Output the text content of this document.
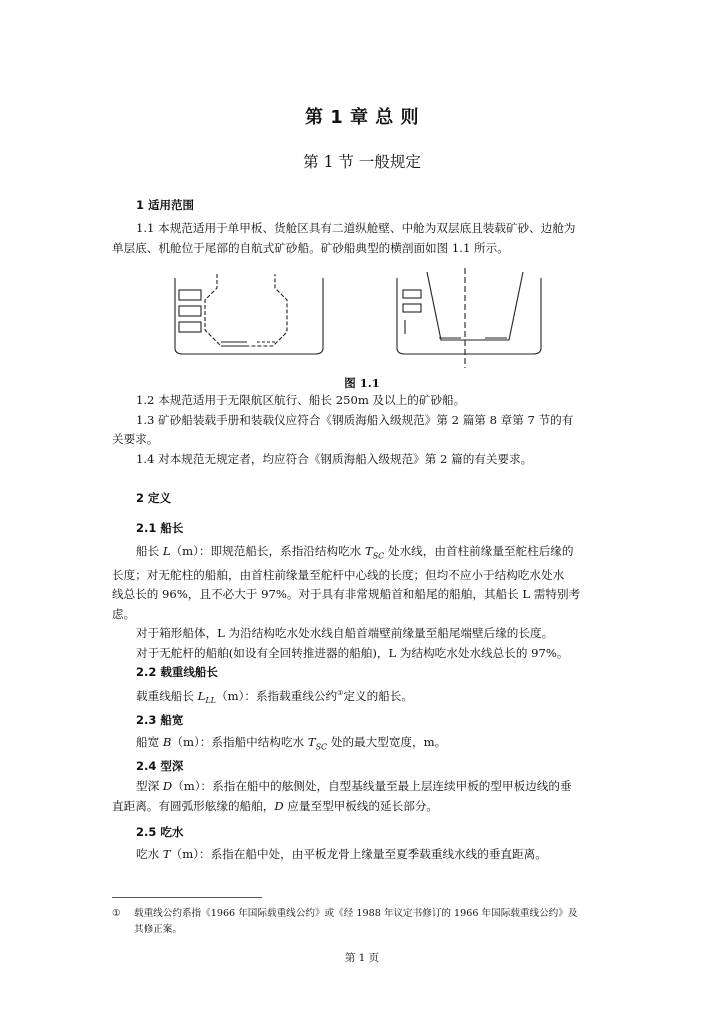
第 1 章 总 则
第 1 节 一般规定
1 适用范围
1.1 本规范适用于单甲板、货舱区具有二道纵舱壁、中舱为双层底且装载矿砂、边舱为
单层底、机舱位于尾部的自航式矿砂船。矿砂船典型的横剖面如图 1.1 所示。
图 1.1
1.2 本规范适用于无限航区航行、船长 250m 及以上的矿砂船。
1.3 矿砂船装载手册和装载仪应符合《钢质海船入级规范》第 2 篇第 8 章第 7 节的有
关要求。
1.4 对本规范无规定者，均应符合《钢质海船入级规范》第 2 篇的有关要求。
2 定义
2.1 船长
船长 L（m）：即规范船长，系指沿结构吃水 $T_{SC}$ 处水线，由首柱前缘量至舵柱后缘的
长度；对无舵柱的船舶，由首柱前缘量至舵杆中心线的长度；但均不应小于结构吃水处水
线总长的 96%，且不必大于 97%。对于具有非常规船首和船尾的船舶，其船长 L 需特别考
虑。
对于箱形船体，L 为沿结构吃水处水线自船首端壁前缘量至船尾端壁后缘的长度。
对于无舵杆的船舶(如设有全回转推进器的船舶)，L 为结构吃水处水线总长的 97%。
2.2 载重线船长
载重线船长 $L_{LL}(m)$：系指载重线公约①定义的船长。
2.3 船宽
船宽 B（m）：系指船中结构吃水 $T_{SC}$ 处的最大型宽度，m。
2.4 型深
型深 D（m）：系指在船中的舷侧处，自型基线量至最上层连续甲板的型甲板边线的垂
直距离。有圆弧形舷缘的船舶，D 应量至型甲板线的延长部分。
2.5 吃水
吃水 T（m）：系指在船中处，由平板龙骨上缘量至夏季载重线水线的垂直距离。
①	载重线公约系指《1966 年国际载重线公约》或《经 1988 年议定书修订的 1966 年国际载重线公约》及
其修正案。
第 1 页
